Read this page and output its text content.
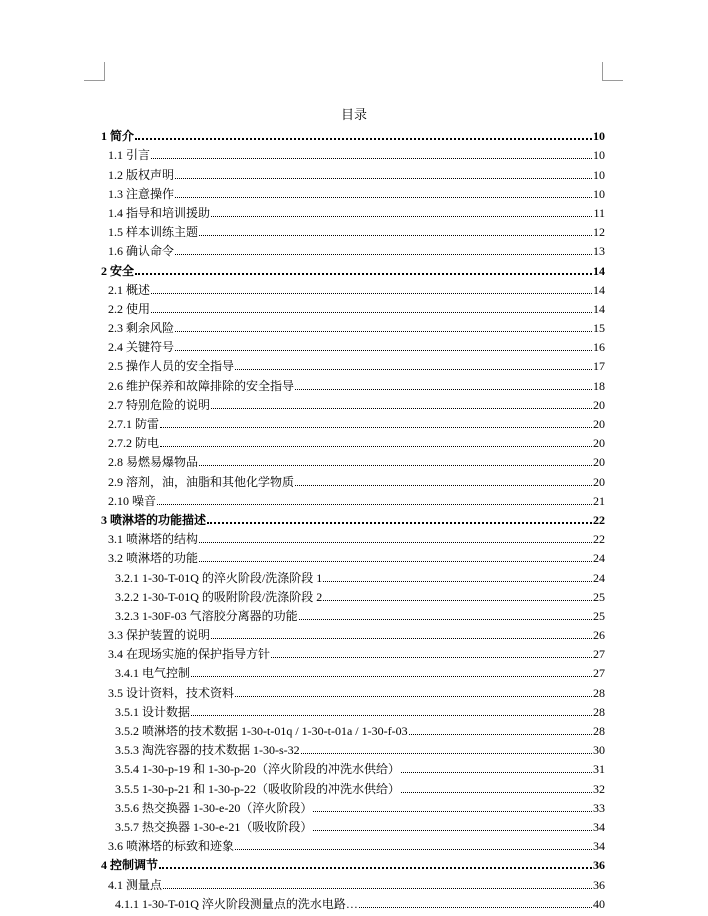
目录
1 简介	10
1.1 引言	10
1.2 版权声明	10
1.3 注意操作	10
1.4 指导和培训援助	11
1.5 样本训练主题	12
1.6 确认命令	13
2 安全	14
2.1 概述	14
2.2 使用	14
2.3 剩余风险	15
2.4 关键符号	16
2.5 操作人员的安全指导	17
2.6 维护保养和故障排除的安全指导	18
2.7 特别危险的说明	20
2.7.1 防雷	20
2.7.2 防电	20
2.8 易燃易爆物品	20
2.9 溶剂，油，油脂和其他化学物质	20
2.10 噪音	21
3 喷淋塔的功能描述	22
3.1 喷淋塔的结构	22
3.2 喷淋塔的功能	24
3.2.1 1-30-T-01Q 的淬火阶段/洗涤阶段 1	24
3.2.2 1-30-T-01Q 的吸附阶段/洗涤阶段 2	25
3.2.3 1-30F-03 气溶胶分离器的功能	25
3.3 保护装置的说明	26
3.4 在现场实施的保护指导方针	27
3.4.1 电气控制	27
3.5 设计资料，技术资料	28
3.5.1 设计数据	28
3.5.2 喷淋塔的技术数据 1-30-t-01q / 1-30-t-01a / 1-30-f-03	28
3.5.3 淘洗容器的技术数据 1-30-s-32	30
3.5.4 1-30-p-19 和 1-30-p-20（淬火阶段的冲洗水供给）	31
3.5.5 1-30-p-21 和 1-30-p-22（吸收阶段的冲洗水供给）	32
3.5.6 热交换器 1-30-e-20（淬火阶段）	33
3.5.7 热交换器 1-30-e-21（吸收阶段）	34
3.6 喷淋塔的标致和迹象	34
4 控制调节	36
4.1 测量点	36
4.1.1 1-30-T-01Q 淬火阶段测量点的洗水电路…	40
